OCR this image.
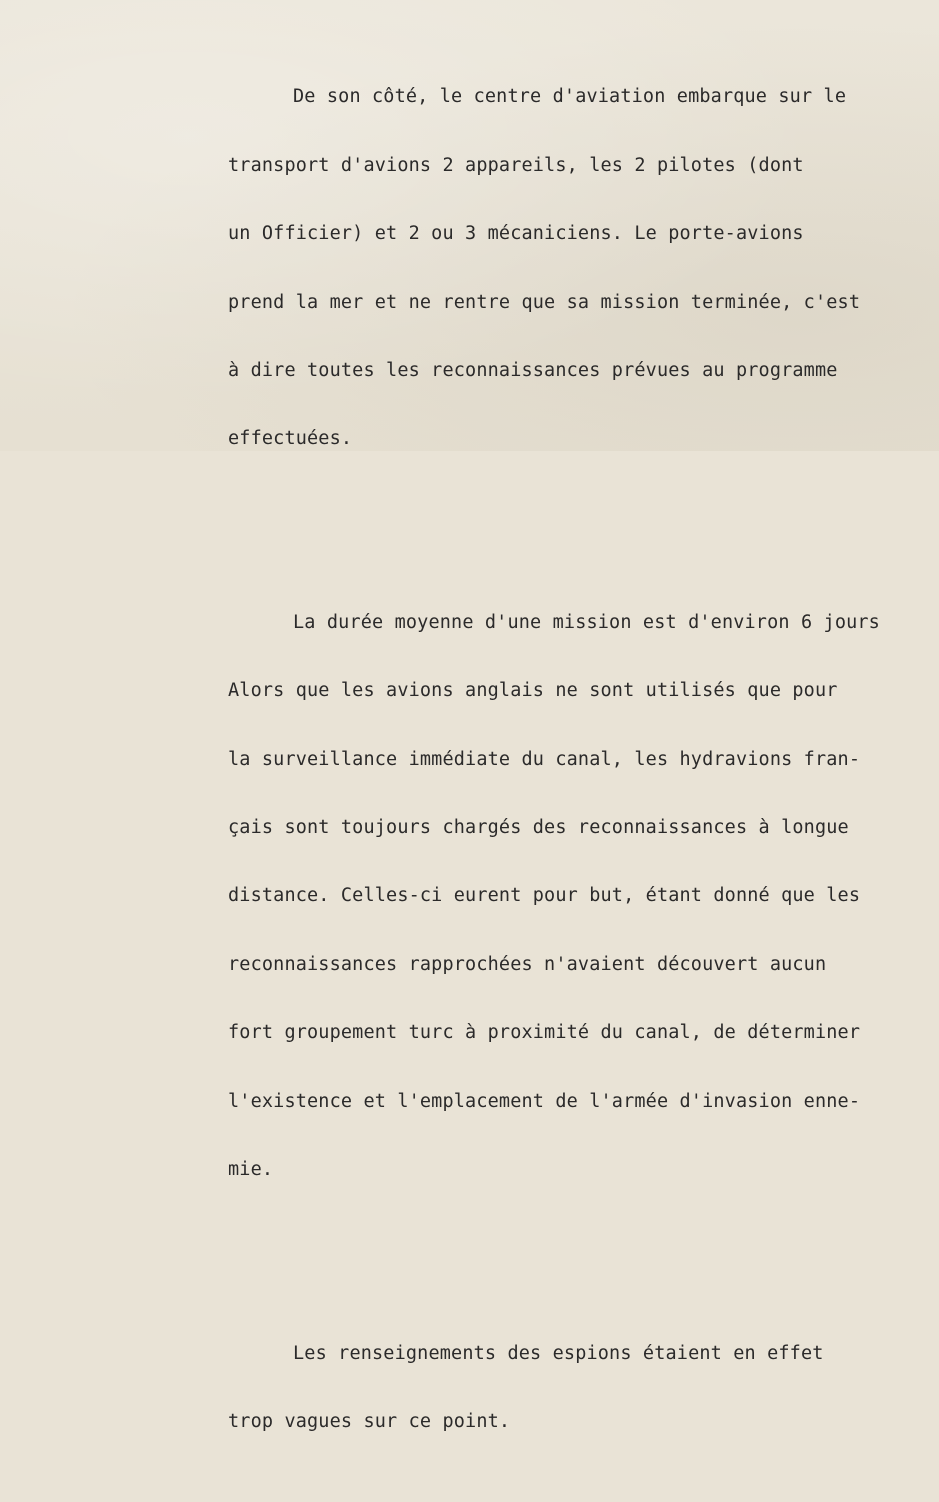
De son côté, le centre d'aviation embarque sur le

transport d'avions 2 appareils, les 2 pilotes (dont

un Officier) et 2 ou 3 mécaniciens. Le porte-avions

prend la mer et ne rentre que sa mission terminée, c'est

à dire toutes les reconnaissances prévues au programme

effectuées.

La durée moyenne d'une mission est d'environ 6 jours

Alors que les avions anglais ne sont utilisés que pour

la surveillance immédiate du canal, les hydravions fran-

çais sont toujours chargés des reconnaissances à longue

distance. Celles-ci eurent pour but, étant donné que les

reconnaissances rapprochées n'avaient découvert aucun

fort groupement turc à proximité du canal, de déterminer

l'existence et l'emplacement de l'armée d'invasion enne-

mie.

Les renseignements des espions étaient en effet

trop vagues sur ce point.
